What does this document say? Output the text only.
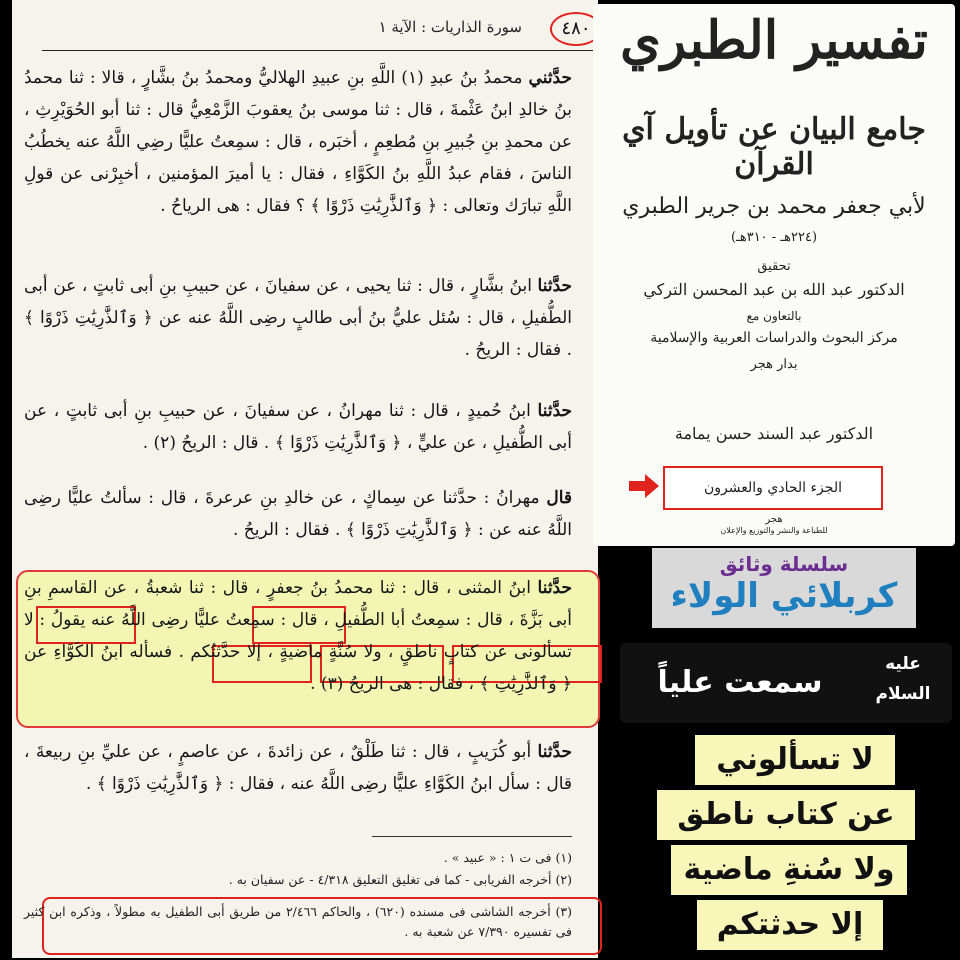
٤٨٠
سورة الذاريات : الآية ١
حدَّثني محمدُ بنُ عبدِ (١) اللَّهِ بنِ عبيدِ الهلاليُّ ومحمدُ بنُ بشَّارٍ ، قالا : ثنا محمدُ بنُ خالدِ ابنُ عَثْمةَ ، قال : ثنا موسى بنُ يعقوبَ الزَّمْعِيُّ قال : ثنا أبو الحُوَيْرِثِ ، عن محمدِ بنِ جُبيرِ بنِ مُطعِمٍ ، أخبَره ، قال : سمِعتُ عليًّا رضِي اللَّهُ عنه يخطُبُ الناسَ ، فقام عبدُ اللَّهِ بنُ الكَوَّاءِ ، فقال : يا أميرَ المؤمنين ، أخبِرْنى عن قولِ اللَّهِ تبارَك وتعالى : ﴿ وَٱلذَّٰرِيَٰتِ ذَرْوًا ﴾ ؟ فقال : هى الرياحُ .
حدَّثنا ابنُ بشَّارٍ ، قال : ثنا يحيى ، عن سفيانَ ، عن حبيبِ بنِ أبى ثابتٍ ، عن أبى الطُّفيلِ ، قال : سُئل عليُّ بنُ أبى طالبٍ رضِى اللَّهُ عنه عن ﴿ وَٱلذَّٰرِيَٰتِ ذَرْوًا ﴾ . فقال : الريحُ .
حدَّثنا ابنُ حُميدٍ ، قال : ثنا مهرانُ ، عن سفيانَ ، عن حبيبِ بنِ أبى ثابتٍ ، عن أبى الطُّفيلِ ، عن عليٍّ ، ﴿ وَٱلذَّٰرِيَٰتِ ذَرْوًا ﴾ . قال : الريحُ (٢) .
قال مهرانُ : حدَّثنا عن سِماكٍ ، عن خالدِ بنِ عرعرةَ ، قال : سألتُ عليًّا رضِى اللَّهُ عنه عن : ﴿ وَٱلذَّٰرِيَٰتِ ذَرْوًا ﴾ . فقال : الريحُ .
حدَّثنا ابنُ المثنى ، قال : ثنا محمدُ بنُ جعفرٍ ، قال : ثنا شعبةُ ، عن القاسمِ بنِ أبى بَزَّةَ ، قال : سمِعتُ أبا الطُّفيلِ ، قال : سمِعتُ عليًّا رضِى اللَّهُ عنه يقولُ : لا تسألونى عن كتابٍ ناطقٍ ، ولا سُنَّةٍ ماضيةٍ ، إلا حدَّثتُكم . فسأله ابنُ الكَوَّاءِ عن ﴿ وَٱلذَّٰرِيَٰتِ ﴾ ، فقال : هى الريحُ (٣) .
حدَّثنا أبو كُرَيبٍ ، قال : ثنا طَلْقٌ ، عن زائدةَ ، عن عاصمٍ ، عن عليِّ بنِ ربيعةَ ، قال : سأل ابنُ الكَوَّاءِ عليًّا رضِى اللَّهُ عنه ، فقال : ﴿ وَٱلذَّٰرِيَٰتِ ذَرْوًا ﴾ .
(١) فى ت ١ : « عبيد » .
(٢) أخرجه الفريابى - كما فى تغليق التعليق ٤/٣١٨ - عن سفيان به .
(٣) أخرجه الشاشى فى مسنده (٦٢٠) ، والحاكم ٢/٤٦٦ من طريق أبى الطفيل به مطولاً ، وذكره ابن كثير فى تفسيره ٧/٣٩٠ عن شعبة به .
تفسير الطبري
جامع البيان عن تأويل آي القرآن
لأبي جعفر محمد بن جرير الطبري
(٢٢٤هـ - ٣١٠هـ)
تحقيق
الدكتور عبد الله بن عبد المحسن التركي
بالتعاون مع
مركز البحوث والدراسات العربية والإسلامية
بدار هجر
الدكتور عبد السند حسن يمامة
الجزء الحادي والعشرون
هجر
للطباعة والنشر والتوزيع والإعلان
سلسلة وثائق
كربلائي الولاء
سمعت علياً
عليه
السلام
لا تسألوني
عن كتاب ناطق
ولا سُنةِ ماضية
إلا حدثتكم
